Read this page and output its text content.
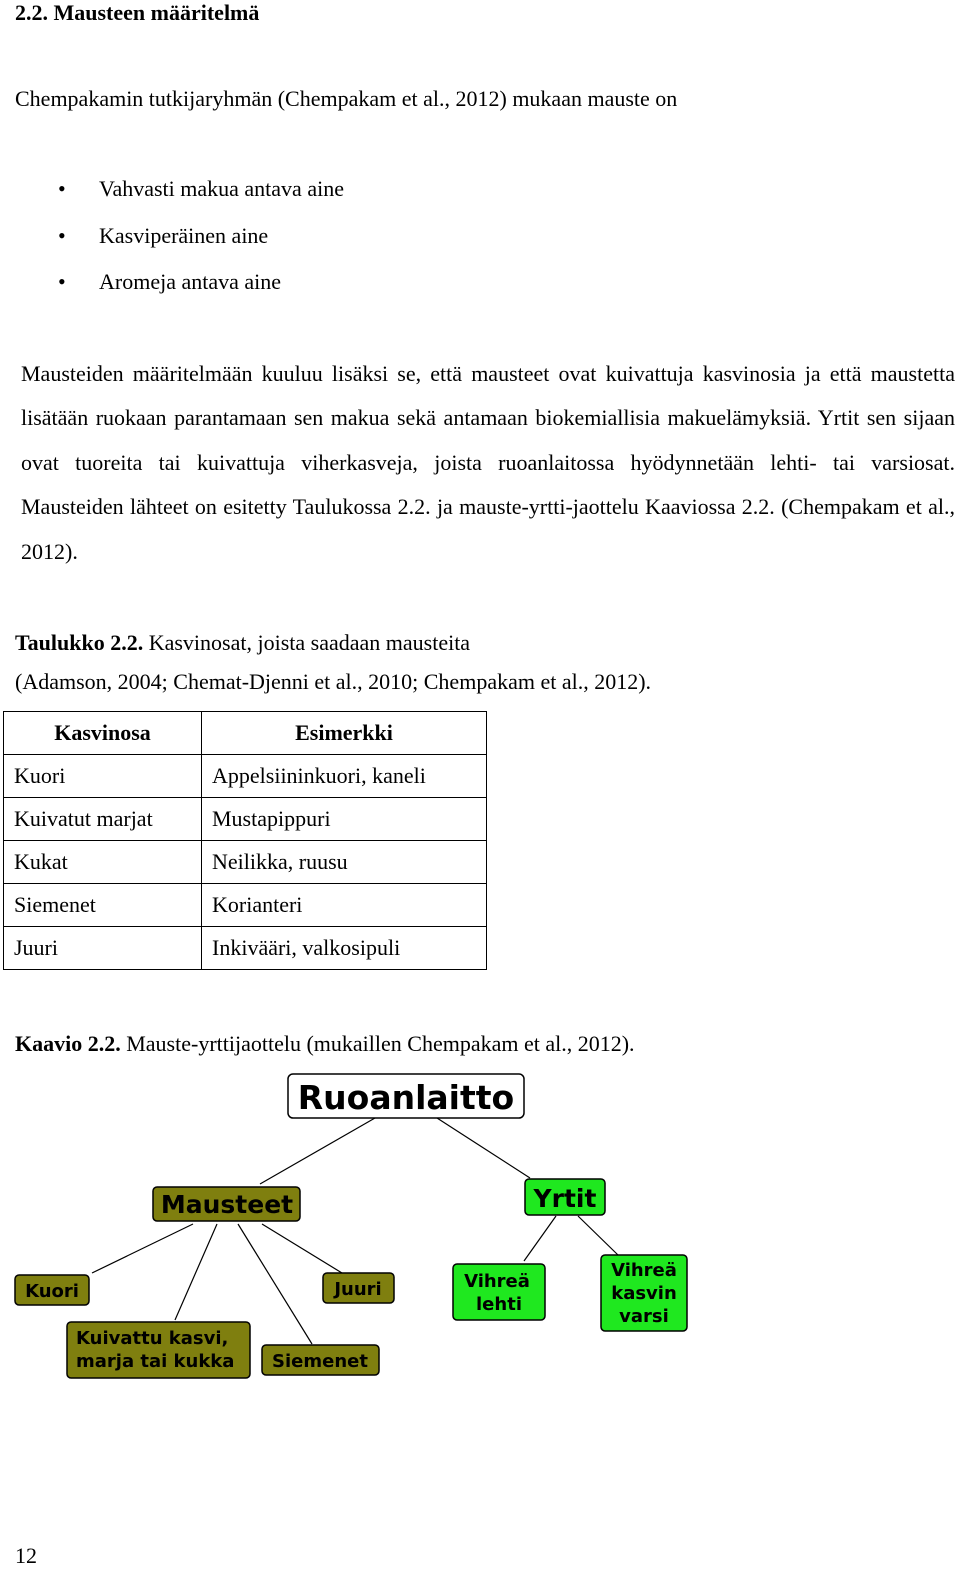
2.2. Mausteen määritelmä
Chempakamin tutkijaryhmän (Chempakam et al., 2012) mukaan mauste on
• Vahvasti makua antava aine
• Kasviperäinen aine
• Aromeja antava aine
Mausteiden määritelmään kuuluu lisäksi se, että mausteet ovat kuivattuja kasvinosia ja että maustetta lisätään ruokaan parantamaan sen makua sekä antamaan biokemiallisia makuelämyksiä. Yrtit sen sijaan ovat tuoreita tai kuivattuja viherkasveja, joista ruoanlaitossa hyödynnetään lehti- tai varsiosat. Mausteiden lähteet on esitetty Taulukossa 2.2. ja mauste-yrtti-jaottelu Kaaviossa 2.2. (Chempakam et al., 2012).
Taulukko 2.2. Kasvinosat, joista saadaan mausteita
(Adamson, 2004; Chemat-Djenni et al., 2010; Chempakam et al., 2012).
Kasvinosa	Esimerkki
Kuori	Appelsiininkuori, kaneli
Kuivatut marjat	Mustapippuri
Kukat	Neilikka, ruusu
Siemenet	Korianteri
Juuri	Inkivääri, valkosipuli
Kaavio 2.2. Mauste-yrttijaottelu (mukaillen Chempakam et al., 2012).
Ruoanlaitto
Mausteet	Yrtit
Kuori
Kuivattu kasvi,
marja tai kukka Siemenet
Juuri	Vihreä
lehti
Vihreä
kasvin
varsi
12
